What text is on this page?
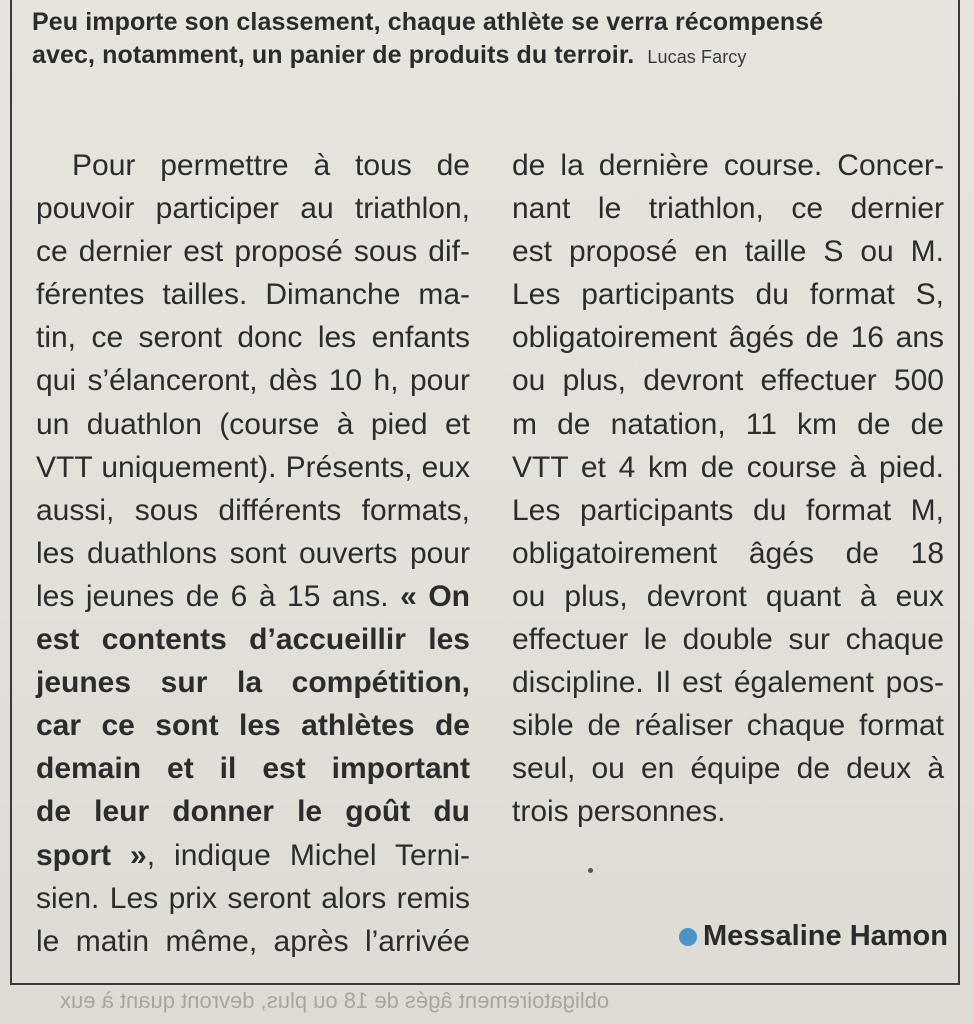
Peu importe son classement, chaque athlète se verra récompensé avec, notamment, un panier de produits du terroir. Lucas Farcy
Pour permettre à tous de
pouvoir participer au triathlon,
ce dernier est proposé sous dif-
férentes tailles. Dimanche ma-
tin, ce seront donc les enfants
qui s’élanceront, dès 10 h, pour
un duathlon (course à pied et
VTT uniquement). Présents, eux
aussi, sous différents formats,
les duathlons sont ouverts pour
les jeunes de 6 à 15 ans. « On
est contents d’accueillir les
jeunes sur la compétition,
car ce sont les athlètes de
demain et il est important
de leur donner le goût du
sport », indique Michel Terni-
sien. Les prix seront alors remis
le matin même, après l’arrivée
de la dernière course. Concer-
nant le triathlon, ce dernier
est proposé en taille S ou M.
Les participants du format S,
obligatoirement âgés de 16 ans
ou plus, devront effectuer 500
m de natation, 11 km de de
VTT et 4 km de course à pied.
Les participants du format M,
obligatoirement âgés de 18
ou plus, devront quant à eux
effectuer le double sur chaque
discipline. Il est également pos-
sible de réaliser chaque format
seul, ou en équipe de deux à
trois personnes.
Messaline Hamon
obligatoirement âgés de 18 ou plus, devront quant à eux
